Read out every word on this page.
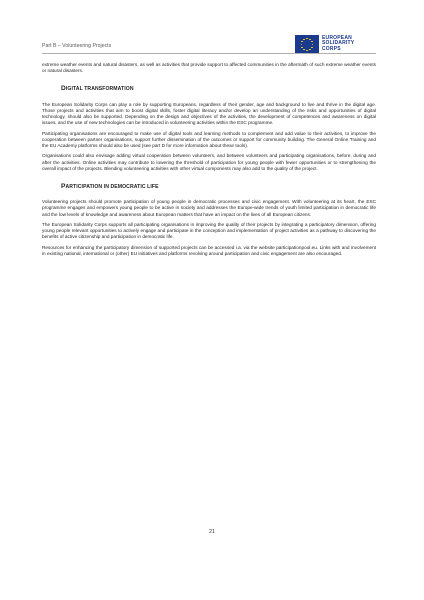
Part B – Volunteering Projects
EUROPEAN
SOLIDARITY
CORPS

extreme weather events and natural disasters, as well as activities that provide support to affected communities in the aftermath of such extreme weather events or natural disasters.

DIGITAL TRANSFORMATION

The European Solidarity Corps can play a role by supporting Europeans, regardless of their gender, age and background to live and thrive in the digital age. Those projects and activities that aim to boost digital skills, foster digital literacy and/or develop an understanding of the risks and opportunities of digital technology, should also be supported. Depending on the design and objectives of the activities, the development of competences and awareness on digital issues, and the use of new technologies can be introduced in volunteering activities within the ESC programme.

Participating organisations are encouraged to make use of digital tools and learning methods to complement and add value to their activities, to improve the cooperation between partner organisations, support further dissemination of the outcomes or support for community building. The General Online Training and the EU Academy platforms should also be used (see part D for more information about these tools).

Organisations could also envisage adding virtual cooperation between volunteers, and between volunteers and participating organisations, before, during and after the activities. Online activities may contribute to lowering the threshold of participation for young people with fewer opportunities or to strengthening the overall impact of the projects. Blending volunteering activities with other virtual components may also add to the quality of the project.

PARTICIPATION IN DEMOCRATIC LIFE

Volunteering projects should promote participation of young people in democratic processes and civic engagement. With volunteering at its heart, the ESC programme engages and empowers young people to be active in society and addresses the Europe-wide trends of youth limited participation in democratic life and the low levels of knowledge and awareness about European matters that have an impact on the lives of all European citizens.

The European Solidarity Corps supports all participating organisations in improving the quality of their projects by integrating a participatory dimension, offering young people relevant opportunities to actively engage and participate in the conception and implementation of project activities as a pathway to discovering the benefits of active citizenship and participation in democratic life.

Resources for enhancing the participatory dimension of supported projects can be accessed i.a. via the website participationpool.eu. Links with and involvement in existing national, international or (other) EU initiatives and platforms revolving around participation and civic engagement are also encouraged.

21
